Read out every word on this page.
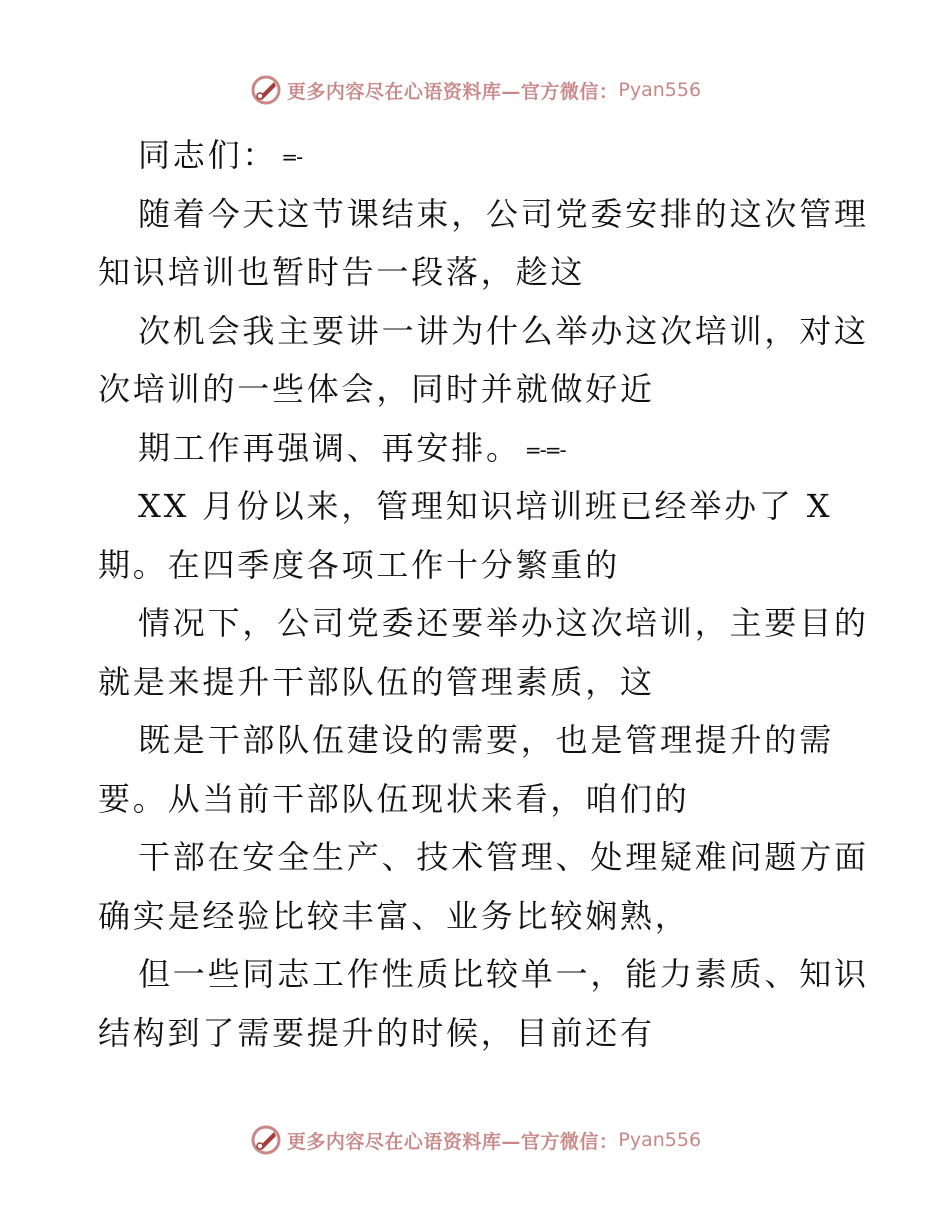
更多内容尽在心语资料库—官方微信： Pyan556
同志们： =-
随着今天这节课结束，公司党委安排的这次管理
知识培训也暂时告一段落，趁这
次机会我主要讲一讲为什么举办这次培训，对这
次培训的一些体会，同时并就做好近
期工作再强调、再安排。 =-=-
XX 月份以来，管理知识培训班已经举办了 X
期。在四季度各项工作十分繁重的
情况下，公司党委还要举办这次培训，主要目的
就是来提升干部队伍的管理素质，这
既是干部队伍建设的需要，也是管理提升的需
要。从当前干部队伍现状来看，咱们的
干部在安全生产、技术管理、处理疑难问题方面
确实是经验比较丰富、业务比较娴熟，
但一些同志工作性质比较单一，能力素质、知识
结构到了需要提升的时候，目前还有
更多内容尽在心语资料库—官方微信： Pyan556
